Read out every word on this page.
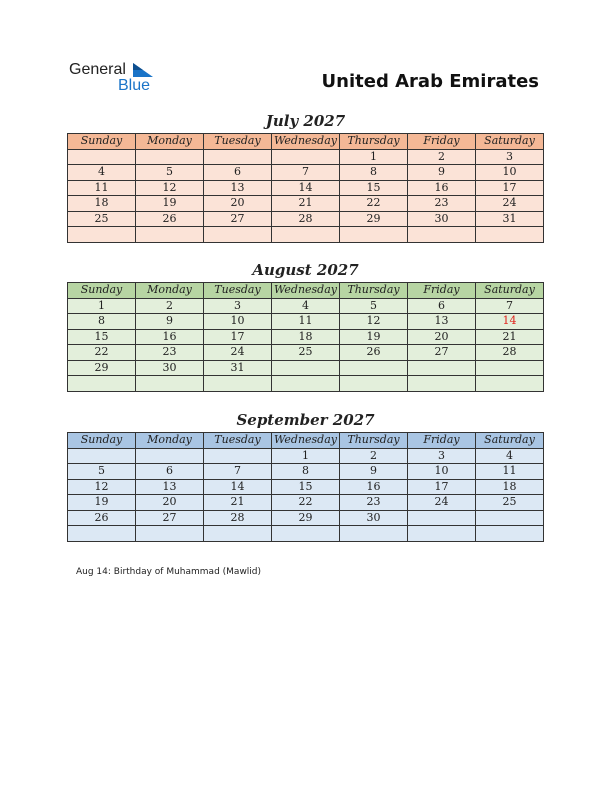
General
Blue	United Arab Emirates
July 2027
Sunday	Monday	Tuesday	Wednesday	Thursday	Friday	Saturday
				1	2	3
4	5	6	7	8	9	10
11	12	13	14	15	16	17
18	19	20	21	22	23	24
25	26	27	28	29	30	31

August 2027
Sunday	Monday	Tuesday	Wednesday	Thursday	Friday	Saturday
1	2	3	4	5	6	7
8	9	10	11	12	13	14
15	16	17	18	19	20	21
22	23	24	25	26	27	28
29	30	31				

September 2027
Sunday	Monday	Tuesday	Wednesday	Thursday	Friday	Saturday
			1	2	3	4
5	6	7	8	9	10	11
12	13	14	15	16	17	18
19	20	21	22	23	24	25
26	27	28	29	30		

Aug 14: Birthday of Muhammad (Mawlid)
